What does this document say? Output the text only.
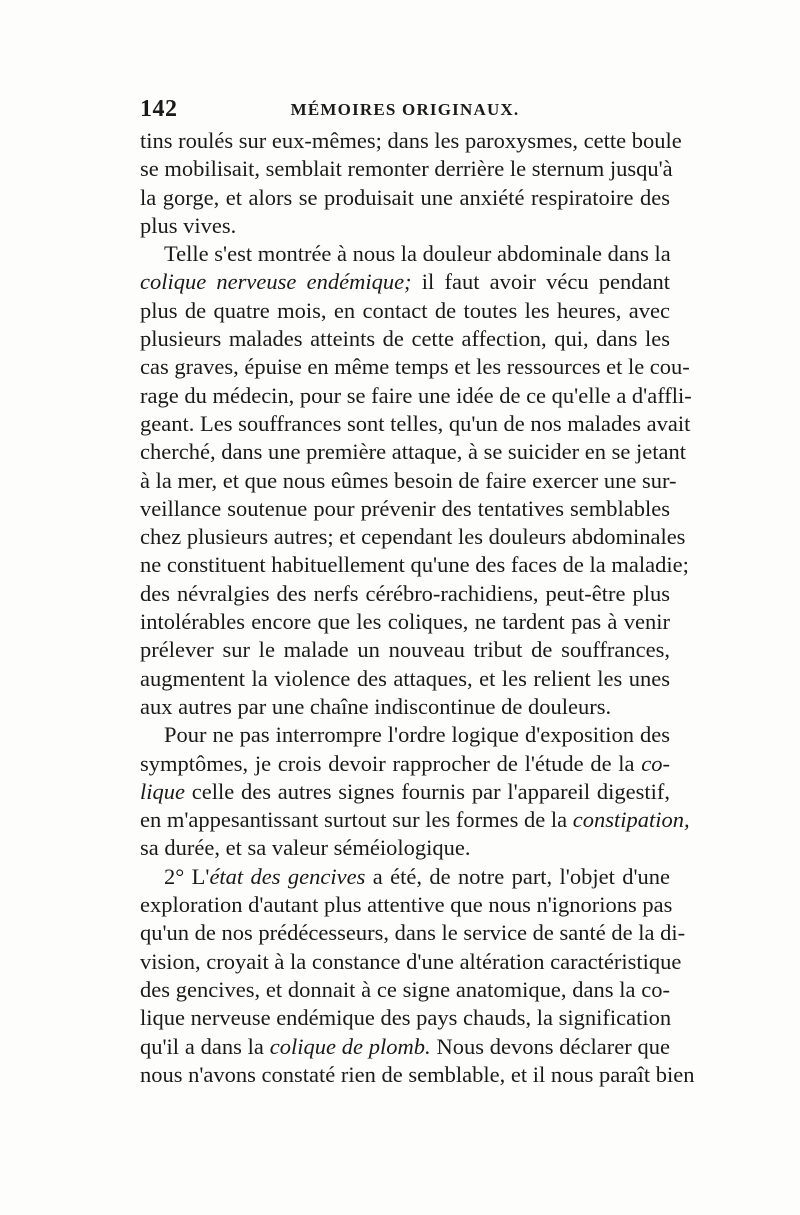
142	MÉMOIRES ORIGINAUX.
tins roulés sur eux-mêmes; dans les paroxysmes, cette boule
se mobilisait, semblait remonter derrière le sternum jusqu'à
la gorge, et alors se produisait une anxiété respiratoire des
plus vives.
Telle s'est montrée à nous la douleur abdominale dans la
colique nerveuse endémique; il faut avoir vécu pendant
plus de quatre mois, en contact de toutes les heures, avec
plusieurs malades atteints de cette affection, qui, dans les
cas graves, épuise en même temps et les ressources et le cou-
rage du médecin, pour se faire une idée de ce qu'elle a d'affli-
geant. Les souffrances sont telles, qu'un de nos malades avait
cherché, dans une première attaque, à se suicider en se jetant
à la mer, et que nous eûmes besoin de faire exercer une sur-
veillance soutenue pour prévenir des tentatives semblables
chez plusieurs autres; et cependant les douleurs abdominales
ne constituent habituellement qu'une des faces de la maladie;
des névralgies des nerfs cérébro-rachidiens, peut-être plus
intolérables encore que les coliques, ne tardent pas à venir
prélever sur le malade un nouveau tribut de souffrances,
augmentent la violence des attaques, et les relient les unes
aux autres par une chaîne indiscontinue de douleurs.
Pour ne pas interrompre l'ordre logique d'exposition des
symptômes, je crois devoir rapprocher de l'étude de la co-
lique celle des autres signes fournis par l'appareil digestif,
en m'appesantissant surtout sur les formes de la constipation,
sa durée, et sa valeur séméiologique.
2° L'état des gencives a été, de notre part, l'objet d'une
exploration d'autant plus attentive que nous n'ignorions pas
qu'un de nos prédécesseurs, dans le service de santé de la di-
vision, croyait à la constance d'une altération caractéristique
des gencives, et donnait à ce signe anatomique, dans la co-
lique nerveuse endémique des pays chauds, la signification
qu'il a dans la colique de plomb. Nous devons déclarer que
nous n'avons constaté rien de semblable, et il nous paraît bien
